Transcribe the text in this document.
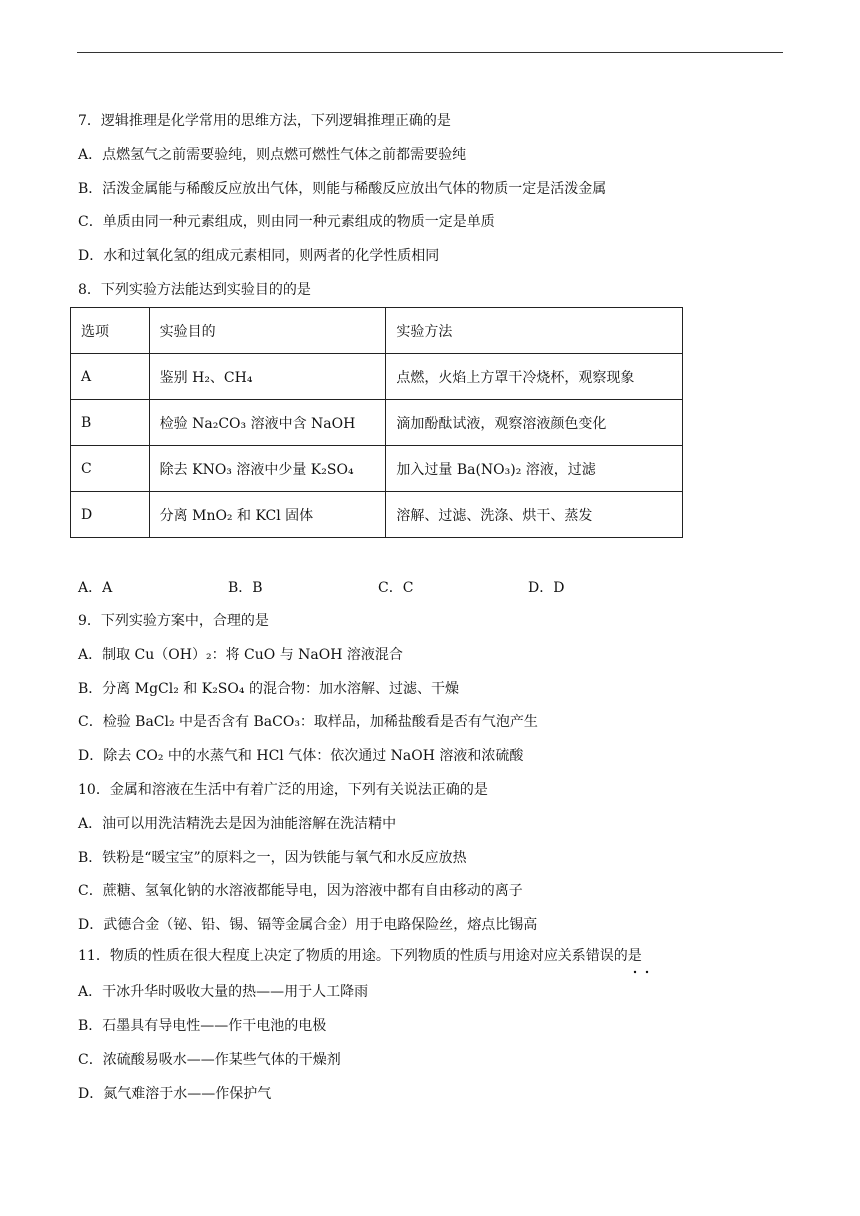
7．逻辑推理是化学常用的思维方法，下列逻辑推理正确的是
A．点燃氢气之前需要验纯，则点燃可燃性气体之前都需要验纯
B．活泼金属能与稀酸反应放出气体，则能与稀酸反应放出气体的物质一定是活泼金属
C．单质由同一种元素组成，则由同一种元素组成的物质一定是单质
D．水和过氧化氢的组成元素相同，则两者的化学性质相同
8．下列实验方法能达到实验目的的是
选项	实验目的	实验方法
A	鉴别 H₂、CH₄	点燃，火焰上方罩干冷烧杯，观察现象
B	检验 Na₂CO₃ 溶液中含 NaOH	滴加酚酞试液，观察溶液颜色变化
C	除去 KNO₃ 溶液中少量 K₂SO₄	加入过量 Ba(NO₃)₂ 溶液，过滤
D	分离 MnO₂ 和 KCl 固体	溶解、过滤、洗涤、烘干、蒸发
A．A	B．B	C．C	D．D
9．下列实验方案中，合理的是
A．制取 Cu（OH）₂：将 CuO 与 NaOH 溶液混合
B．分离 MgCl₂ 和 K₂SO₄ 的混合物：加水溶解、过滤、干燥
C．检验 BaCl₂ 中是否含有 BaCO₃：取样品，加稀盐酸看是否有气泡产生
D．除去 CO₂ 中的水蒸气和 HCl 气体：依次通过 NaOH 溶液和浓硫酸
10．金属和溶液在生活中有着广泛的用途，下列有关说法正确的是
A．油可以用洗洁精洗去是因为油能溶解在洗洁精中
B．铁粉是“暖宝宝”的原料之一，因为铁能与氧气和水反应放热
C．蔗糖、氢氧化钠的水溶液都能导电，因为溶液中都有自由移动的离子
D．武德合金（铋、铅、锡、镉等金属合金）用于电路保险丝，熔点比锡高
11．物质的性质在很大程度上决定了物质的用途。下列物质的性质与用途对应关系错误的是
A．干冰升华时吸收大量的热——用于人工降雨
B．石墨具有导电性——作干电池的电极
C．浓硫酸易吸水——作某些气体的干燥剂
D．氮气难溶于水——作保护气
